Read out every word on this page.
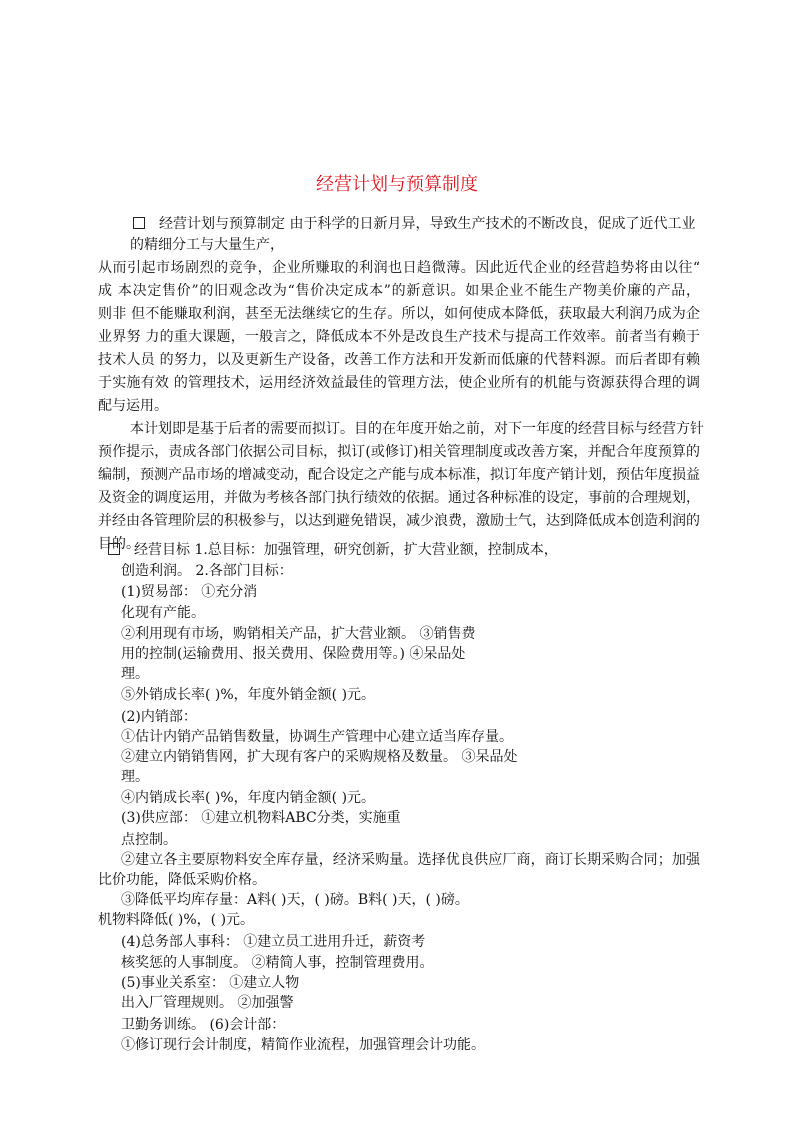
经营计划与预算制度
经营计划与预算制定 由于科学的日新月异，导致生产技术的不断改良，促成了近代工业
的精细分工与大量生产，
从而引起市场剧烈的竞争，企业所赚取的利润也日趋微薄。因此近代企业的经营趋势将由以往“
成 本决定售价”的旧观念改为“售价决定成本”的新意识。如果企业不能生产物美价廉的产品，
则非 但不能赚取利润，甚至无法继续它的生存。所以，如何使成本降低，获取最大利润乃成为企
业界努 力的重大课题，一般言之，降低成本不外是改良生产技术与提高工作效率。前者当有赖于
技术人员 的努力，以及更新生产设备，改善工作方法和开发新而低廉的代替料源。而后者即有赖
于实施有效 的管理技术，运用经济效益最佳的管理方法，使企业所有的机能与资源获得合理的调
配与运用。
本计划即是基于后者的需要而拟订。目的在年度开始之前，对下一年度的经营目标与经营方针
预作提示，责成各部门依据公司目标，拟订(或修订)相关管理制度或改善方案，并配合年度预算的
编制，预测产品市场的增减变动，配合设定之产能与成本标准，拟订年度产销计划，预估年度损益
及资金的调度运用，并做为考核各部门执行绩效的依据。通过各种标准的设定，事前的合理规划，
并经由各管理阶层的积极参与，以达到避免错误，减少浪费，激励士气，达到降低成本创造利润的
目的。
经营目标 1.总目标：加强管理，研究创新，扩大营业额，控制成本，
创造利润。 2.各部门目标：
(1)贸易部： ①充分消
化现有产能。
②利用现有市场，购销相关产品，扩大营业额。 ③销售费
用的控制(运输费用、报关费用、保险费用等。) ④呆品处
理。
⑤外销成长率( )%，年度外销金额( )元。
(2)内销部：
①估计内销产品销售数量，协调生产管理中心建立适当库存量。
②建立内销销售网，扩大现有客户的采购规格及数量。 ③呆品处
理。
④内销成长率( )%，年度内销金额( )元。
(3)供应部： ①建立机物料ABC分类，实施重
点控制。
②建立各主要原物料安全库存量，经济采购量。选择优良供应厂商，商订长期采购合同；加强
比价功能，降低采购价格。
③降低平均库存量：A料( )天，( )磅。B料( )天，( )磅。
机物料降低( )%，( )元。
(4)总务部人事科： ①建立员工进用升迁，薪资考
核奖惩的人事制度。 ②精简人事，控制管理费用。
(5)事业关系室： ①建立人物
出入厂管理规则。 ②加强警
卫勤务训练。 (6)会计部：
①修订现行会计制度，精简作业流程，加强管理会计功能。
